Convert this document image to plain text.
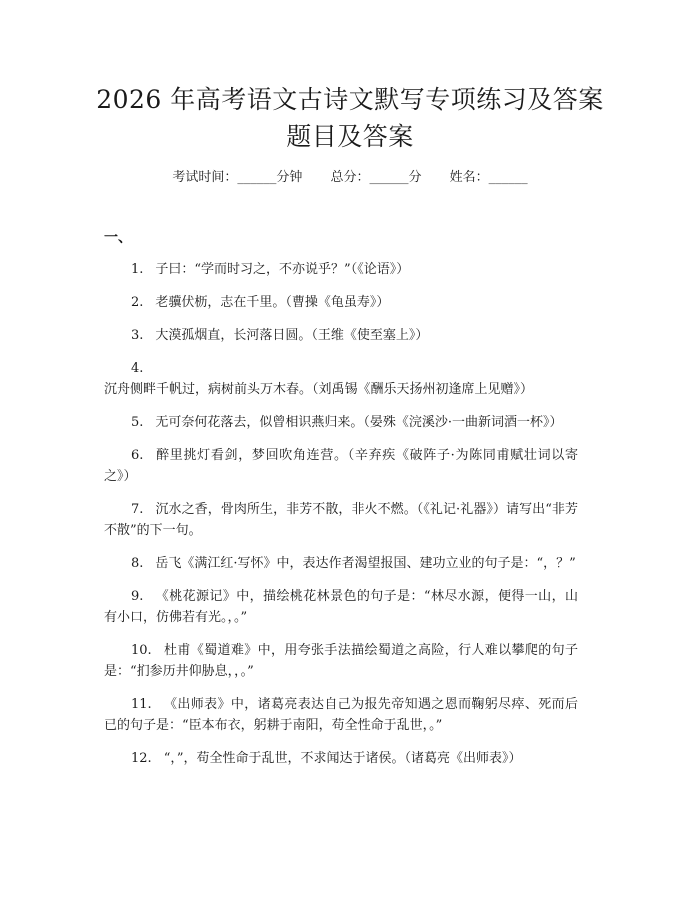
2026 年高考语文古诗文默写专项练习及答案
题目及答案
考试时间：______分钟 总分：______分 姓名：______
一、

1. 子曰：“学而时习之，不亦说乎？”（《论语》）

2. 老骥伏枥，志在千里。（曹操《龟虽寿》）

3. 大漠孤烟直，长河落日圆。（王维《使至塞上》）

4.沉舟侧畔千帆过，病树前头万木春。（刘禹锡《酬乐天扬州初逢席上见赠》）

5. 无可奈何花落去，似曾相识燕归来。（晏殊《浣溪沙·一曲新词酒一杯》）

6. 醉里挑灯看剑，梦回吹角连营。（辛弃疾《破阵子·为陈同甫赋壮词以寄之》）

7. 沉水之香，骨肉所生，非芳不散，非火不燃。（《礼记·礼器》）请写出“非芳不散”的下一句。

8. 岳飞《满江红·写怀》中，表达作者渴望报国、建功立业的句子是：“，？”

9. 《桃花源记》中，描绘桃花林景色的句子是：“林尽水源，便得一山，山有小口，仿佛若有光。，。”

10. 杜甫《蜀道难》中，用夸张手法描绘蜀道之高险，行人难以攀爬的句子是：“扪参历井仰胁息，，。”

11. 《出师表》中，诸葛亮表达自己为报先帝知遇之恩而鞠躬尽瘁、死而后已的句子是：“臣本布衣，躬耕于南阳，苟全性命于乱世，。”

12. “，”，苟全性命于乱世，不求闻达于诸侯。（诸葛亮《出师表》）
